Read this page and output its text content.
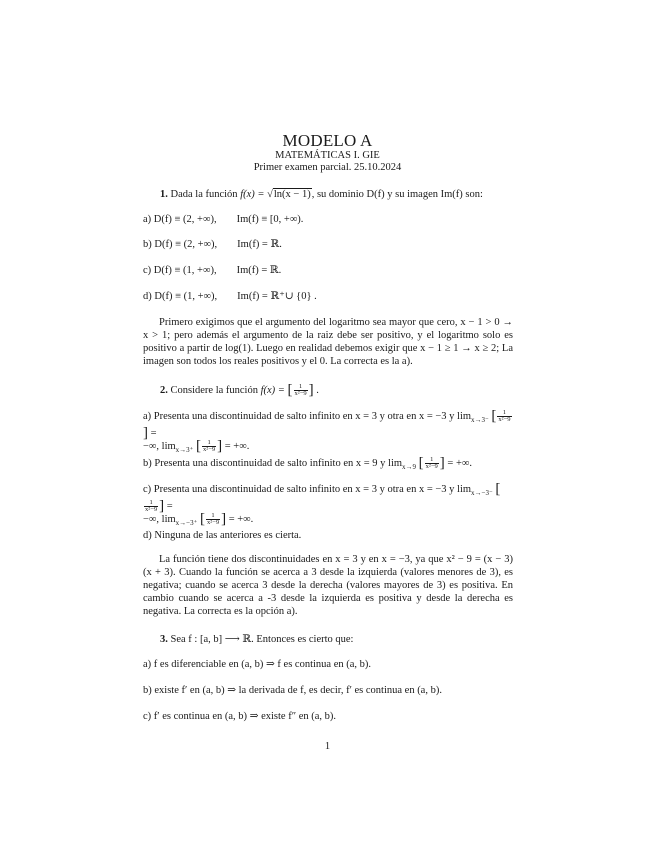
MODELO A
MATEMÁTICAS I. GIE
Primer examen parcial. 25.10.2024
1. Dada la función f(x) = √ln(x − 1), su dominio D(f) y su imagen Im(f) son:
a) D(f) ≡ (2, +∞), Im(f) ≡ [0, +∞).
b) D(f) ≡ (2, +∞), Im(f) = ℝ.
c) D(f) ≡ (1, +∞), Im(f) = ℝ.
d) D(f) ≡ (1, +∞), Im(f) = ℝ⁺∪ {0} .
Primero exigimos que el argumento del logaritmo sea mayor que cero, x − 1 > 0 → x > 1; pero además el argumento de la raiz debe ser positivo, y el logaritmo solo es positivo a partir de log(1). Luego en realidad debemos exigir que x − 1 ≥ 1 → x ≥ 2; La imagen son todos los reales positivos y el 0. La correcta es la a).
2. Considere la función f(x) = [ $\frac{1}{\text{x²−9}}$ ] .
a) Presenta una discontinuidad de salto infinito en x = 3 y otra en x = −3 y $\lim_{x\to 3^-}$ [ $\frac{1}{\text{x²−9}}$
] =
−∞, $\lim_{x\to 3^+}$ [ $\frac{1}{\text{x²−9}}$ ] = +∞.
b) Presenta una discontinuidad de salto infinito en x = 9 y $\lim_{x\to 9}$ [ $\frac{1}{\text{x²−9}}$ ] = +∞.
c) Presenta una discontinuidad de salto infinito en x = 3 y otra en x = −3 y $\lim_{x\to-3^-}$ [
$\frac{1}{\text{x²−9}}$ ] =
−∞, $\lim_{x\to-3^+}$ [ $\frac{1}{\text{x²−9}}$ ] = +∞.
d) Ninguna de las anteriores es cierta.
La función tiene dos discontinuidades en x = 3 y en x = −3, ya que x² − 9 = (x − 3)(x + 3). Cuando la función se acerca a 3 desde la izquierda (valores menores de 3), es negativa; cuando se acerca 3 desde la derecha (valores mayores de 3) es positiva. En cambio cuando se acerca a -3 desde la izquierda es positiva y desde la derecha es negativa. La correcta es la opción a).
3. Sea f : [a, b] ⟶ ℝ. Entonces es cierto que:
a) f es diferenciable en (a, b) ⇒ f es continua en (a, b).
b) existe f′ en (a, b) ⇒ la derivada de f, es decir, f′ es continua en (a, b).
c) f′ es continua en (a, b) ⇒ existe f″ en (a, b).
1
